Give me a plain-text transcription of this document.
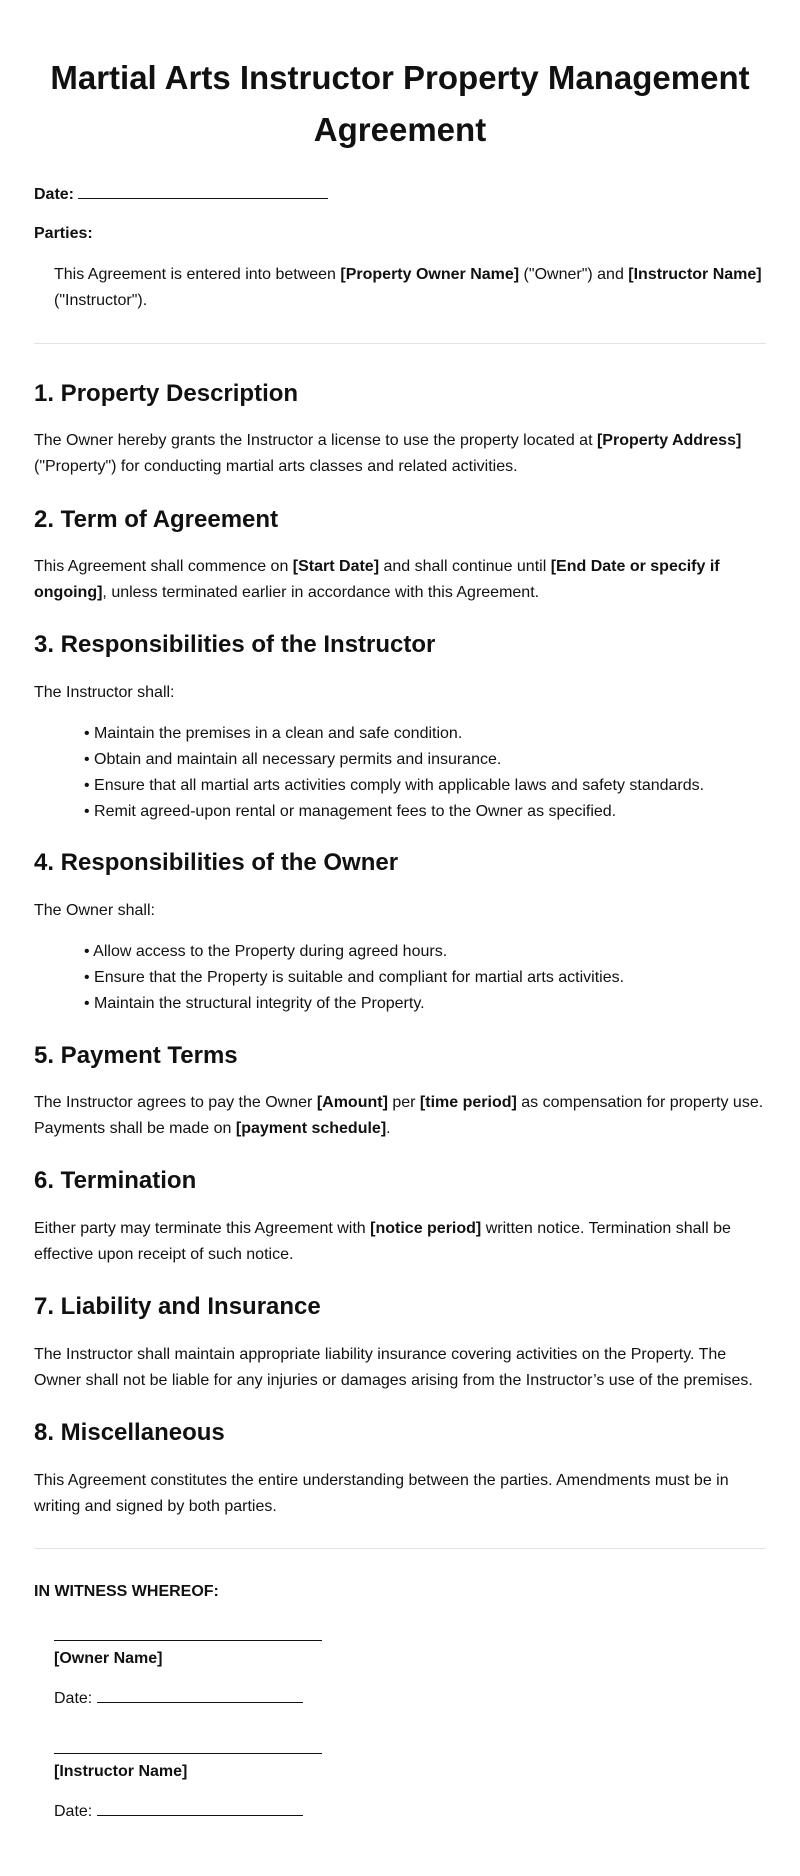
Martial Arts Instructor Property Management Agreement
Date:
Parties:
This Agreement is entered into between [Property Owner Name] ("Owner") and [Instructor Name] ("Instructor").
1. Property Description
The Owner hereby grants the Instructor a license to use the property located at [Property Address] ("Property") for conducting martial arts classes and related activities.
2. Term of Agreement
This Agreement shall commence on [Start Date] and shall continue until [End Date or specify if ongoing], unless terminated earlier in accordance with this Agreement.
3. Responsibilities of the Instructor
The Instructor shall:
• Maintain the premises in a clean and safe condition.
• Obtain and maintain all necessary permits and insurance.
• Ensure that all martial arts activities comply with applicable laws and safety standards.
• Remit agreed-upon rental or management fees to the Owner as specified.
4. Responsibilities of the Owner
The Owner shall:
• Allow access to the Property during agreed hours.
• Ensure that the Property is suitable and compliant for martial arts activities.
• Maintain the structural integrity of the Property.
5. Payment Terms
The Instructor agrees to pay the Owner [Amount] per [time period] as compensation for property use. Payments shall be made on [payment schedule].
6. Termination
Either party may terminate this Agreement with [notice period] written notice. Termination shall be effective upon receipt of such notice.
7. Liability and Insurance
The Instructor shall maintain appropriate liability insurance covering activities on the Property. The Owner shall not be liable for any injuries or damages arising from the Instructor’s use of the premises.
8. Miscellaneous
This Agreement constitutes the entire understanding between the parties. Amendments must be in writing and signed by both parties.
IN WITNESS WHEREOF:
[Owner Name]
Date:
[Instructor Name]
Date:
